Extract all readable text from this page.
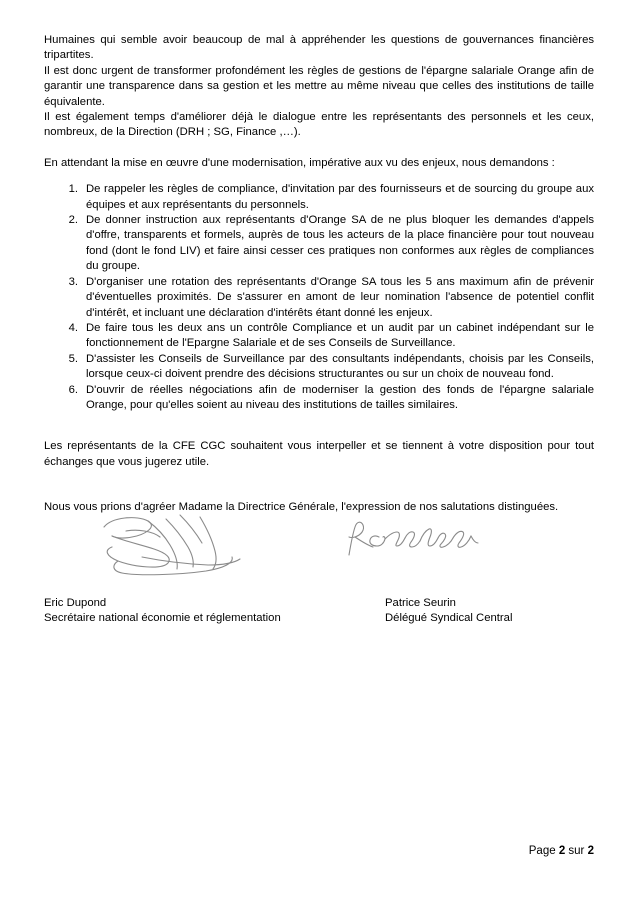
Humaines qui semble avoir beaucoup de mal à appréhender les questions de gouvernances financières tripartites.

Il est donc urgent de transformer profondément les règles de gestions de l'épargne salariale Orange afin de garantir une transparence dans sa gestion et les mettre au même niveau que celles des institutions de taille équivalente.

Il est également temps d'améliorer déjà le dialogue entre les représentants des personnels et les ceux, nombreux, de la Direction (DRH ; SG, Finance ,…).

En attendant la mise en œuvre d'une modernisation, impérative aux vu des enjeux, nous demandons :

De rappeler les règles de compliance, d'invitation par des fournisseurs et de sourcing du groupe aux équipes et aux représentants du personnels.
De donner instruction aux représentants d'Orange SA de ne plus bloquer les demandes d'appels d'offre, transparents et formels, auprès de tous les acteurs de la place financière pour tout nouveau fond (dont le fond LIV) et faire ainsi cesser ces pratiques non conformes aux règles de compliances du groupe.
D'organiser une rotation des représentants d'Orange SA tous les 5 ans maximum afin de prévenir d'éventuelles proximités. De s'assurer en amont de leur nomination l'absence de potentiel conflit d'intérêt, et incluant une déclaration d'intérêts étant donné les enjeux.
De faire tous les deux ans un contrôle Compliance et un audit par un cabinet indépendant sur le fonctionnement de l'Epargne Salariale et de ses Conseils de Surveillance.
D'assister les Conseils de Surveillance par des consultants indépendants, choisis par les Conseils, lorsque ceux-ci doivent prendre des décisions structurantes ou sur un choix de nouveau fond.
D'ouvrir de réelles négociations afin de moderniser la gestion des fonds de l'épargne salariale Orange, pour qu'elles soient au niveau des institutions de tailles similaires.

Les représentants de la CFE CGC souhaitent vous interpeller et se tiennent à votre disposition pour tout échanges que vous jugerez utile.

Nous vous prions d'agréer Madame la Directrice Générale, l'expression de nos salutations distinguées.

Eric Dupond
Secrétaire national économie et réglementation
Patrice Seurin
Délégué Syndical Central
Page 2 sur 2
